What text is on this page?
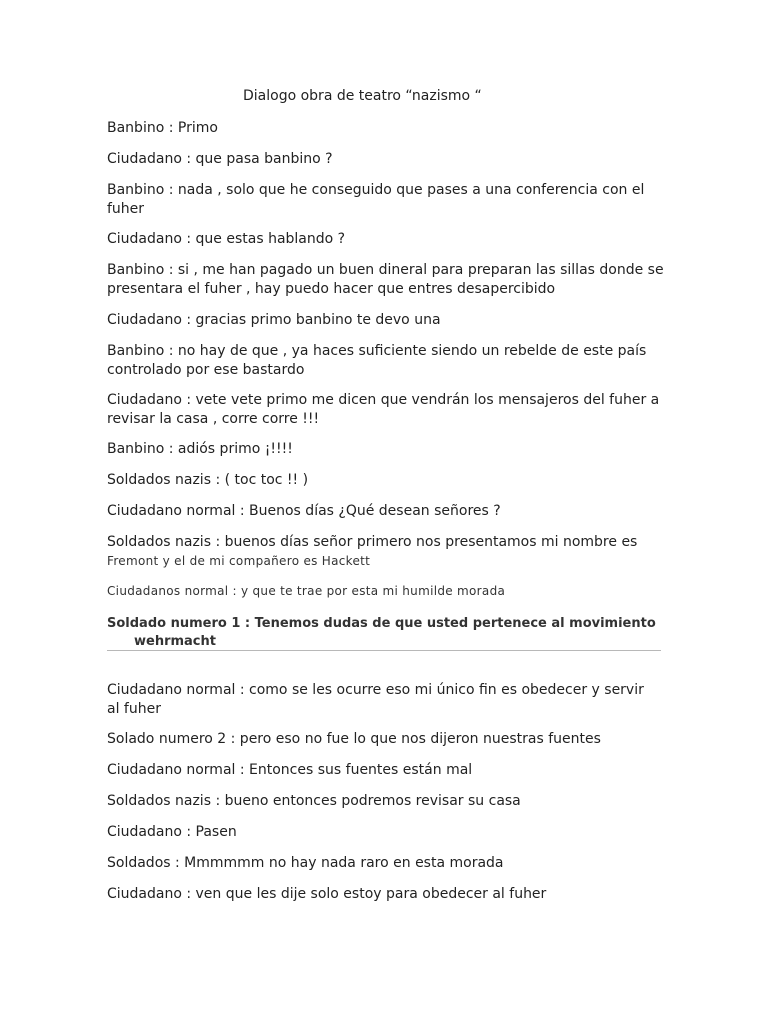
Dialogo obra de teatro “nazismo “
Banbino : Primo
Ciudadano : que pasa banbino ?
Banbino : nada , solo que he conseguido que pases a una conferencia con el
fuher
Ciudadano : que estas hablando ?
Banbino : si , me han pagado un buen dineral para preparan las sillas donde se
presentara el fuher , hay puedo hacer que entres desapercibido
Ciudadano : gracias primo banbino te devo una
Banbino : no hay de que , ya haces suficiente siendo un rebelde de este país
controlado por ese bastardo
Ciudadano : vete vete primo me dicen que vendrán los mensajeros del fuher a
revisar la casa , corre corre !!!
Banbino : adiós primo ¡!!!!
Soldados nazis : ( toc toc !! )
Ciudadano normal : Buenos días ¿Qué desean señores ?
Soldados nazis : buenos días señor primero nos presentamos mi nombre es
Fremont y el de mi compañero es Hackett
Ciudadanos normal : y que te trae por esta mi humilde morada
Soldado numero 1 : Tenemos dudas de que usted pertenece al movimiento
wehrmacht
Ciudadano normal : como se les ocurre eso mi único fin es obedecer y servir
al fuher
Solado numero 2 : pero eso no fue lo que nos dijeron nuestras fuentes
Ciudadano normal : Entonces sus fuentes están mal
Soldados nazis : bueno entonces podremos revisar su casa
Ciudadano : Pasen
Soldados : Mmmmmm no hay nada raro en esta morada
Ciudadano : ven que les dije solo estoy para obedecer al fuher
